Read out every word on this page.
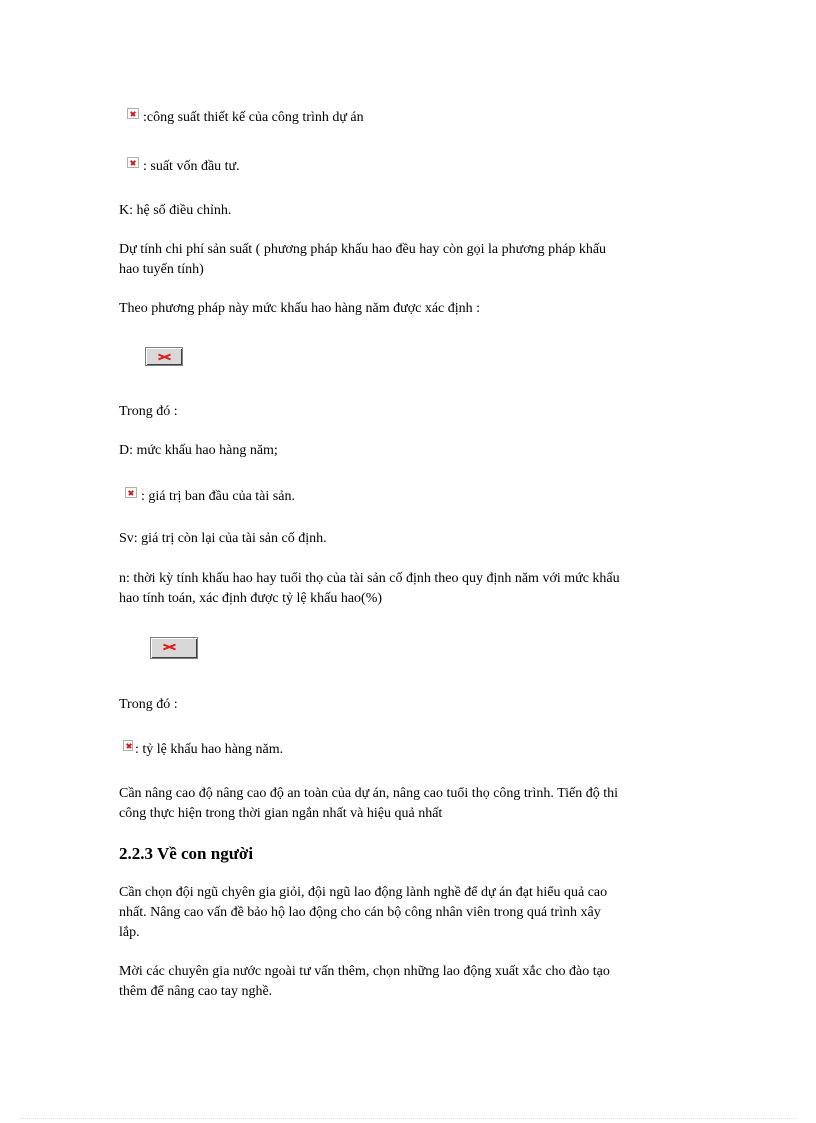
:công suất thiết kế của công trình dự án

: suất vốn đầu tư.

K: hệ số điều chỉnh.

Dự tính chi phí sản suất ( phương pháp khấu hao đều hay còn gọi la phương pháp khấu
hao tuyến tính)

Theo phương pháp này mức khấu hao hàng năm được xác định :

Trong đó :

D: mức khấu hao hàng năm;

: giá trị ban đầu của tài sản.

Sv: giá trị còn lại của tài sản cố định.

n: thời kỳ tính khấu hao hay tuổi thọ của tài sản cố định theo quy định năm với mức khấu
hao tính toán, xác định được tỷ lệ khấu hao(%)

Trong đó :

: tỷ lệ khấu hao hàng năm.

Cần nâng cao độ nâng cao độ an toàn của dự án, nâng cao tuổi thọ công trình. Tiến độ thi
công thực hiện trong thời gian ngắn nhất và hiệu quả nhất

2.2.3 Về con người

Cần chọn đội ngũ chyên gia giỏi, đội ngũ lao động lành nghề để dự án đạt hiểu quả cao
nhất. Nâng cao vấn đề bảo hộ lao động cho cán bộ công nhân viên trong quá trình xây
lắp.

Mời các chuyên gia nước ngoài tư vấn thêm, chọn những lao động xuất xắc cho đào tạo
thêm để nâng cao tay nghề.
